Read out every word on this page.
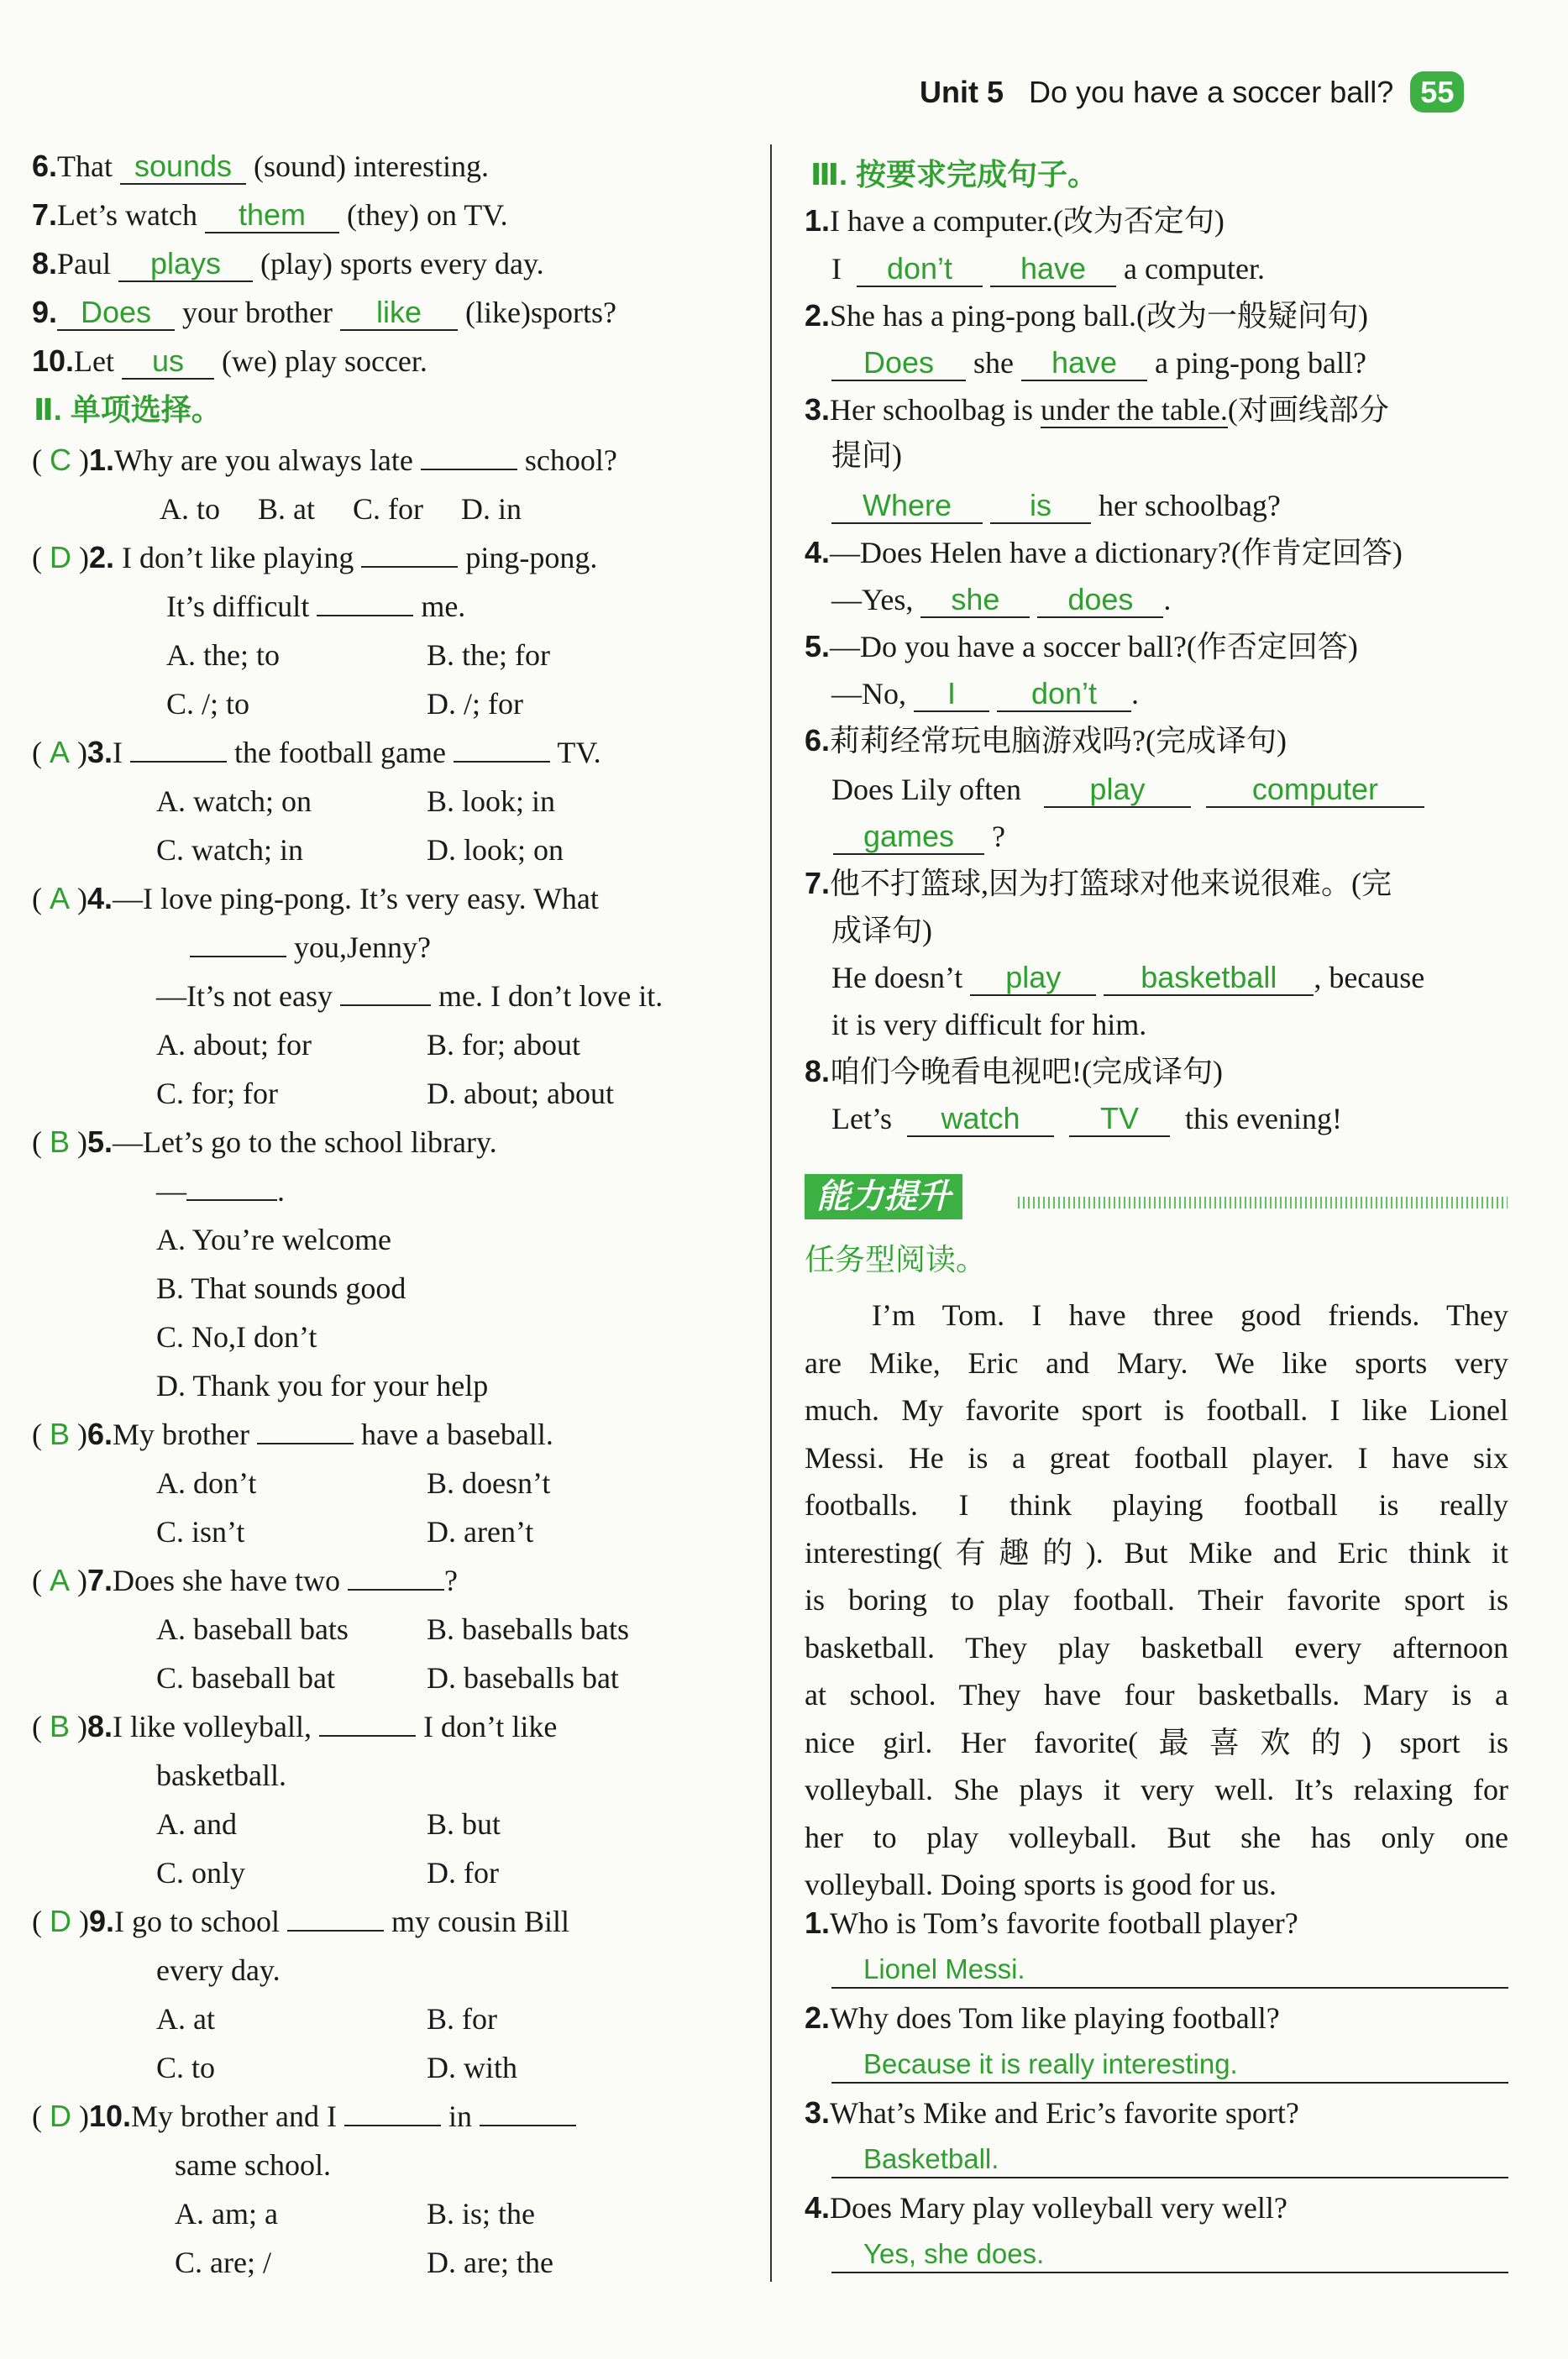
Unit 5 Do you have a soccer ball? 55
6.That sounds (sound) interesting.
7.Let’s watch them (they) on TV.
8.Paul plays (play) sports every day.
9. Does your brother like (like)sports?
10.Let us (we) play soccer.
Ⅱ. 单项选择。
( C )1.Why are you always late	school?
A. to B. at C. for D. in
( D )2. I don’t like playing	ping-pong.
It’s difficult	me.
A. the; to	B. the; for
C. /; to	D. /; for
( A )3.I	the football game	TV.
A. watch; on	B. look; in
C. watch; in	D. look; on
( A )4.—I love ping-pong. It’s very easy. What
you,Jenny?
—It’s not easy	me. I don’t love it.
A. about; for	B. for; about
C. for; for	D. about; about
( B )5.—Let’s go to the school library.
—	.
A. You’re welcome
B. That sounds good
C. No,I don’t
D. Thank you for your help
( B )6.My brother	have a baseball.
A. don’t	B. doesn’t
C. isn’t	D. aren’t
( A )7.Does she have two	?
A. baseball bats	B. baseballs bats
C. baseball bat	D. baseballs bat
( B )8.I like volleyball,	I don’t like
basketball.
A. and	B. but
C. only	D. for
( D )9.I go to school	my cousin Bill
every day.
A. at	B. for
C. to	D. with
( D )10.My brother and I	in
same school.
A. am; a	B. is; the
C. are; /	D. are; the
Ⅲ. 按要求完成句子。
1.I have a computer.(改为否定句)
I don’t have a computer.
2.She has a ping-pong ball.(改为一般疑问句)
Does she have a ping-pong ball?
3.Her schoolbag is under the table.(对画线部分
提问)
Where	is her schoolbag?
4.—Does Helen have a dictionary?(作肯定回答)
—Yes, she does .
5.—Do you have a soccer ball?(作否定回答)
—No, I don’t .
6.莉莉经常玩电脑游戏吗?(完成译句)
Does Lily often play	computer
games ?
7.他不打篮球,因为打篮球对他来说很难。(完
成译句)
He doesn’t play	basketball , because
it is very difficult for him.
8.咱们今晚看电视吧!(完成译句)
Let’s watch	TV this evening!
能力提升
任务型阅读。
I’m Tom. I have three good friends. They
are Mike, Eric and Mary. We like sports very
much. My favorite sport is football. I like Lionel
Messi. He is a great football player. I have six
footballs. I think playing football is really
interesting(有趣的). But Mike and Eric think it
is boring to play football. Their favorite sport is
basketball. They play basketball every afternoon
at school. They have four basketballs. Mary is a
nice girl. Her favorite(最喜欢的) sport is
volleyball. She plays it very well. It’s relaxing for
her to play volleyball. But she has only one
volleyball. Doing sports is good for us.
1.Who is Tom’s favorite football player?
Lionel Messi.
2.Why does Tom like playing football?
Because it is really interesting.
3.What’s Mike and Eric’s favorite sport?
Basketball.
4.Does Mary play volleyball very well?
Yes, she does.
